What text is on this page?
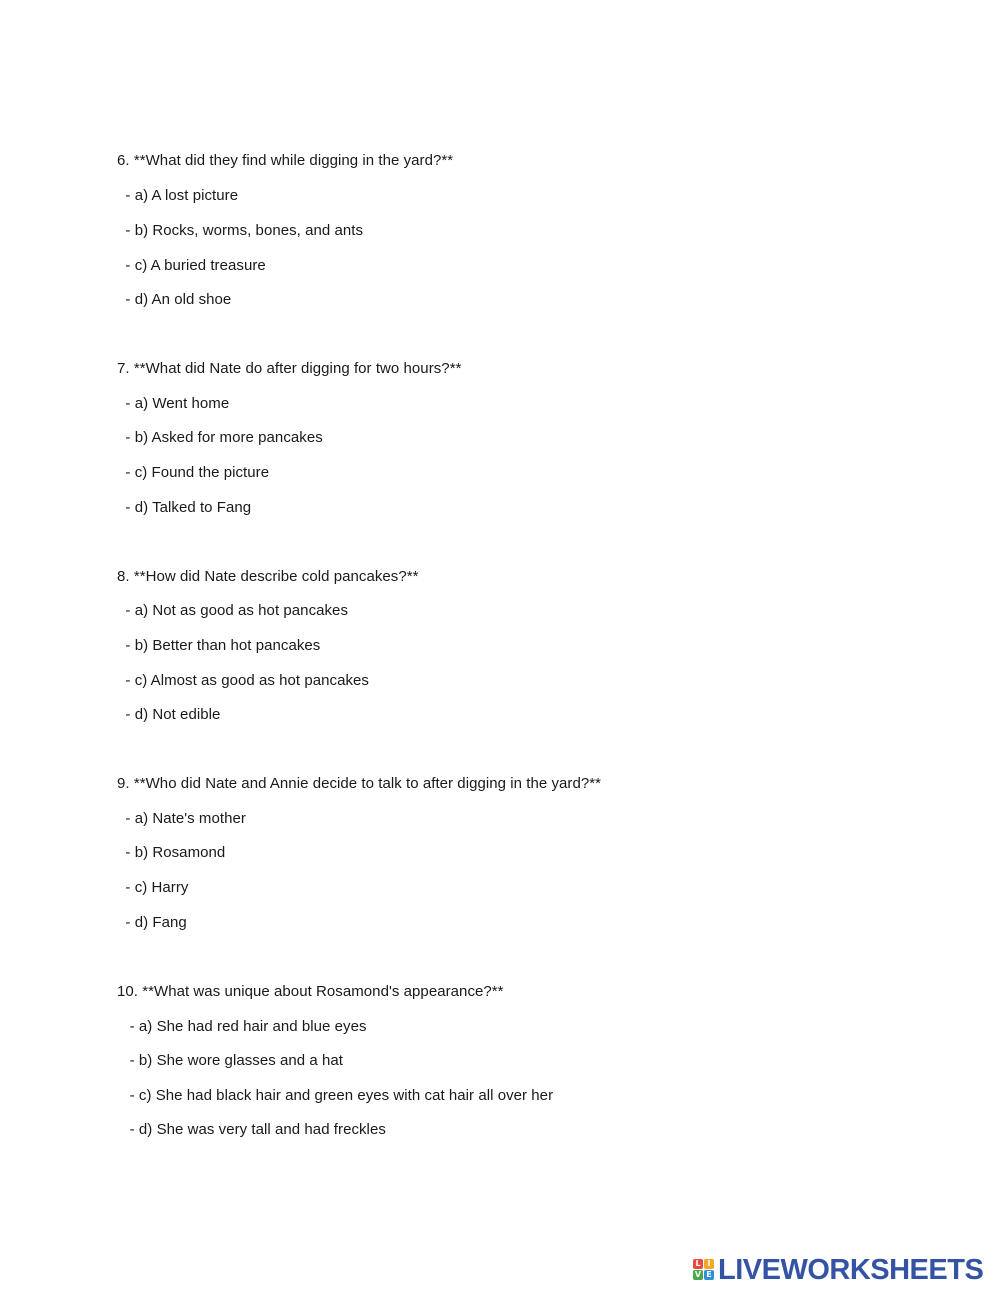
6. **What did they find while digging in the yard?**
- a) A lost picture
- b) Rocks, worms, bones, and ants
- c) A buried treasure
- d) An old shoe
7. **What did Nate do after digging for two hours?**
- a) Went home
- b) Asked for more pancakes
- c) Found the picture
- d) Talked to Fang
8. **How did Nate describe cold pancakes?**
- a) Not as good as hot pancakes
- b) Better than hot pancakes
- c) Almost as good as hot pancakes
- d) Not edible
9. **Who did Nate and Annie decide to talk to after digging in the yard?**
- a) Nate's mother
- b) Rosamond
- c) Harry
- d) Fang
10. **What was unique about Rosamond's appearance?**
- a) She had red hair and blue eyes
- b) She wore glasses and a hat
- c) She had black hair and green eyes with cat hair all over her
- d) She was very tall and had freckles
L I
V E LIVEWORKSHEETS
